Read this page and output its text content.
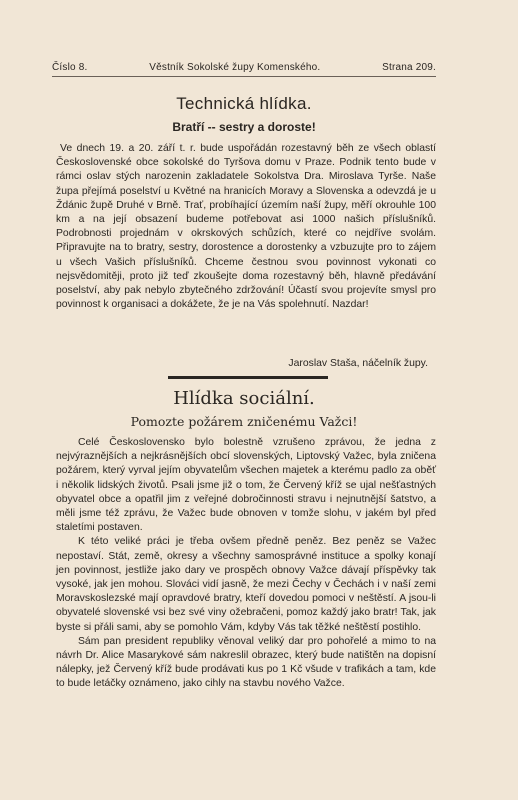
Číslo 8.	Věstník Sokolské župy Komenského.	Strana 209.
Technická hlídka.
Bratří -- sestry a doroste!

Ve dnech 19. a 20. září t. r. bude uspořádán rozestavný běh ze všech oblastí Československé obce sokolské do Tyršova domu v Praze. Podnik tento bude v rámci oslav stých narozenin zakladatele Sokolstva Dra. Miroslava Tyrše. Naše župa přejímá poselství u Květné na hranicích Moravy a Slovenska a odevzdá je u Ždánic župě Druhé v Brně. Trať, probíhající územím naší župy, měří okrouhle 100 km a na její obsazení budeme potřebovat asi 1000 našich příslušníků. Podrobnosti projednám v okrskových schůzích, které co nejdříve svolám. Připravujte na to bratry, sestry, dorostence a dorostenky a vzbuzujte pro to zájem u všech Vašich příslušníků. Chceme čestnou svou povinnost vykonati co nejsvědomitěji, proto již teď zkoušejte doma rozestavný běh, hlavně předávání poselství, aby pak nebylo zbytečného zdržování! Účastí svou projevíte smysl pro povinnost k organisaci a dokážete, že je na Vás spolehnutí. Nazdar!

Jaroslav Staša, náčelník župy.
Hlídka sociální.
Pomozte požárem zničenému Važci!

Celé Československo bylo bolestně vzrušeno zprávou, že jedna z nejvýraznějších a nejkrásnějších obcí slovenských, Liptovský Važec, byla zničena požárem, který vyrval jejím obyvatelům všechen majetek a kterému padlo za oběť i několik lidských životů. Psali jsme již o tom, že Červený kříž se ujal nešťastných obyvatel obce a opatřil jim z veřejné dobročinnosti stravu i nejnutnější šatstvo, a měli jsme též zprávu, že Važec bude obnoven v tomže slohu, v jakém byl před staletími postaven.

K této veliké práci je třeba ovšem předně peněz. Bez peněz se Važec nepostaví. Stát, země, okresy a všechny samosprávné instituce a spolky konají jen povinnost, jestliže jako dary ve prospěch obnovy Važce dávají příspěvky tak vysoké, jak jen mohou. Slováci vidí jasně, že mezi Čechy v Čechách i v naší zemi Moravskoslezské mají opravdové bratry, kteří dovedou pomoci v neštěstí. A jsou-li obyvatelé slovenské vsi bez své viny ožebračeni, pomoz každý jako bratr! Tak, jak byste si přáli sami, aby se pomohlo Vám, kdyby Vás tak těžké neštěstí postihlo.

Sám pan president republiky věnoval veliký dar pro pohořelé a mimo to na návrh Dr. Alice Masarykové sám nakreslil obrazec, který bude natištěn na dopisní nálepky, jež Červený kříž bude prodávati kus po 1 Kč všude v trafikách a tam, kde to bude letáčky oznámeno, jako cihly na stavbu nového Važce.
